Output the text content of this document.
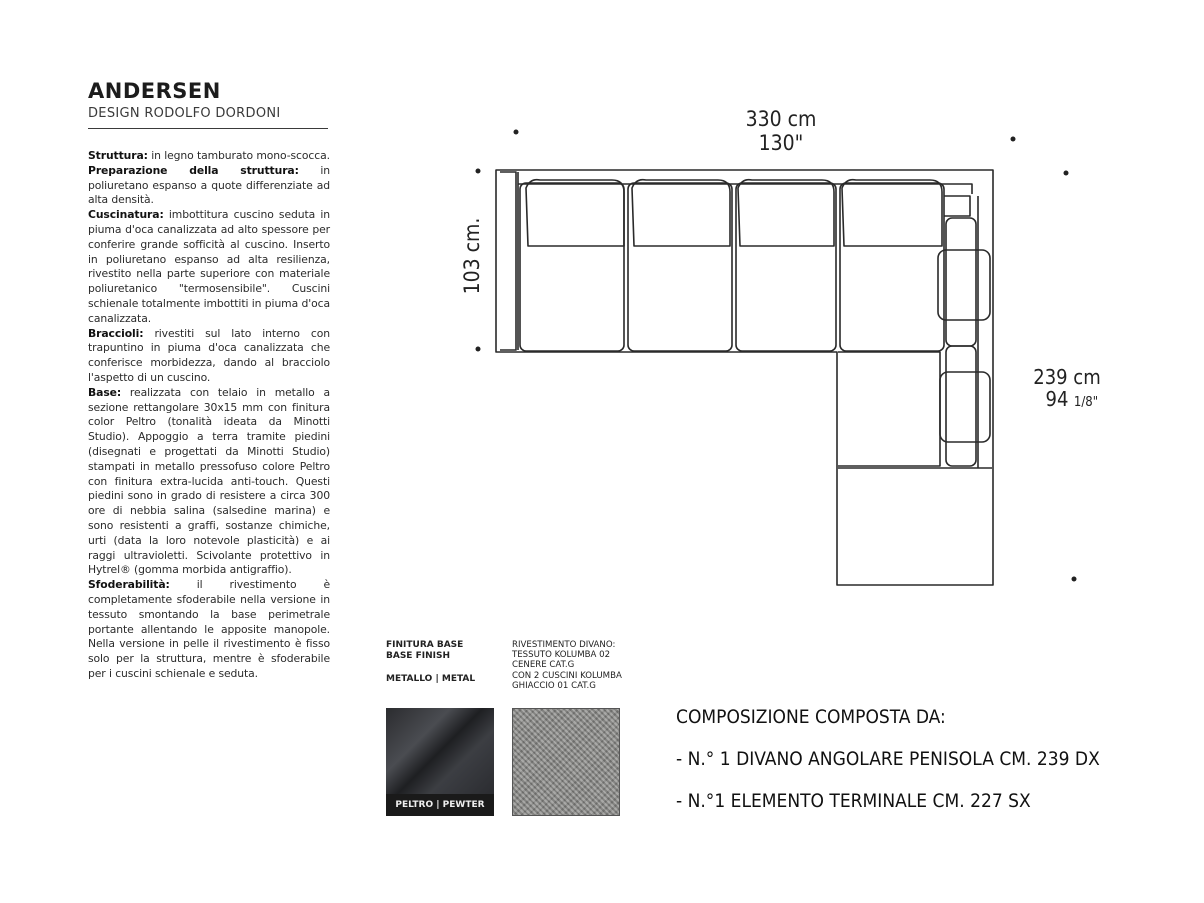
ANDERSEN
DESIGN RODOLFO DORDONI

Struttura: in legno tamburato mono-scocca.

Preparazione della struttura: in poliuretano espanso a quote differenziate ad alta densità.

Cuscinatura: imbottitura cuscino seduta in piuma d'oca canalizzata ad alto spessore per conferire grande sofficità al cuscino. Inserto in poliuretano espanso ad alta resilienza, rivestito nella parte superiore con materiale poliuretanico "termosensibile". Cuscini schienale totalmente imbottiti in piuma d'oca canalizzata.

Braccioli: rivestiti sul lato interno con trapuntino in piuma d'oca canalizzata che conferisce morbidezza, dando al bracciolo l'aspetto di un cuscino.

Base: realizzata con telaio in metallo a sezione rettangolare 30x15 mm con finitura color Peltro (tonalità ideata da Minotti Studio). Appoggio a terra tramite piedini (disegnati e progettati da Minotti Studio) stampati in metallo pressofuso colore Peltro con finitura extra-lucida anti-touch. Questi piedini sono in grado di resistere a circa 300 ore di nebbia salina (salsedine marina) e sono resistenti a graffi, sostanze chimiche, urti (data la loro notevole plasticità) e ai raggi ultravioletti. Scivolante protettivo in Hytrel® (gomma morbida antigraffio).

Sfoderabilità: il rivestimento è completamente sfoderabile nella versione in tessuto smontando la base perimetrale portante allentando le apposite manopole. Nella versione in pelle il rivestimento è fisso solo per la struttura, mentre è sfoderabile per i cuscini schienale e seduta.

330 cm
130"
103 cm.
239 cm
94 1/8"
FINITURA BASE
BASE FINISH
METALLO | METAL
PELTRO | PEWTER
RIVESTIMENTO DIVANO:
TESSUTO KOLUMBA 02
CENERE CAT.G
CON 2 CUSCINI KOLUMBA
GHIACCIO 01 CAT.G
COMPOSIZIONE COMPOSTA DA:
- N.° 1 DIVANO ANGOLARE PENISOLA CM. 239 DX
- N.°1 ELEMENTO TERMINALE CM. 227 SX
